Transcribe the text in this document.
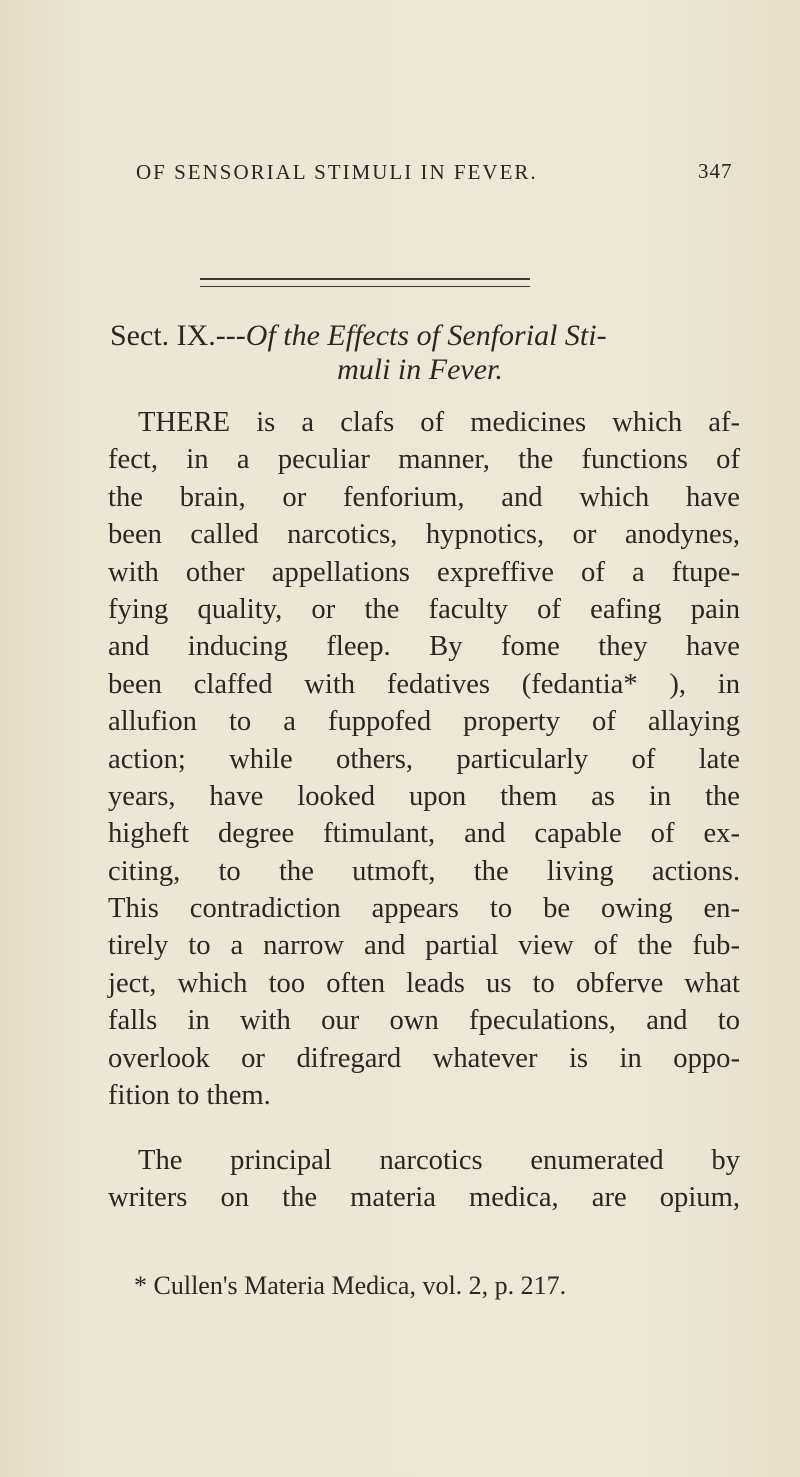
OF SENSORIAL STIMULI IN FEVER.	347
Sect. IX.---Of the Effects of Senforial Sti-
muli in Fever.
THERE is a clafs of medicines which af-
fect, in a peculiar manner, the functions of
the brain, or fenforium, and which have
been called narcotics, hypnotics, or anodynes,
with other appellations expreffive of a ftupe-
fying quality, or the faculty of eafing pain
and inducing fleep. By fome they have
been claffed with fedatives (fedantia* ), in
allufion to a fuppofed property of allaying
action; while others, particularly of late
years, have looked upon them as in the
higheft degree ftimulant, and capable of ex-
citing, to the utmoft, the living actions.
This contradiction appears to be owing en-
tirely to a narrow and partial view of the fub-
ject, which too often leads us to obferve what
falls in with our own fpeculations, and to
overlook or difregard whatever is in oppo-
fition to them.
The principal narcotics enumerated by
writers on the materia medica, are opium,
* Cullen's Materia Medica, vol. 2, p. 217.
